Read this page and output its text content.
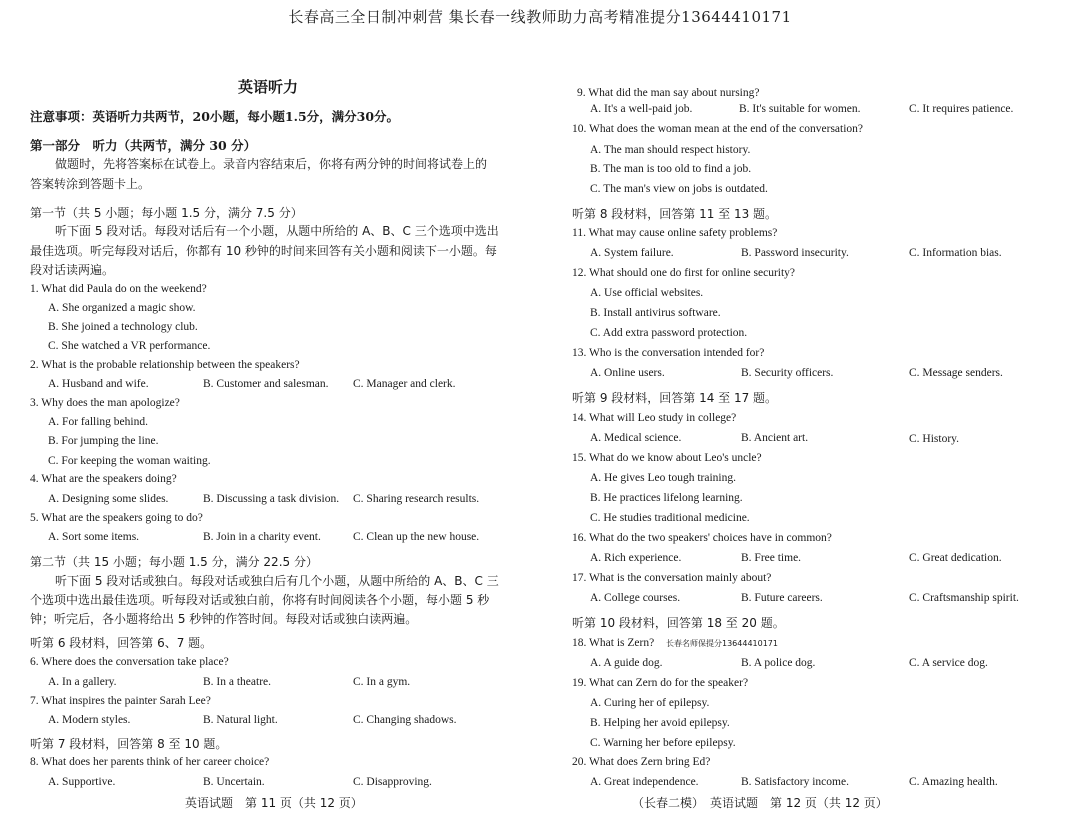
长春高三全日制冲刺营 集长春一线教师助力高考精准提分13644410171
英语听力
注意事项：英语听力共两节，20小题，每小题1.5分，满分30分。
第一部分　听力（共两节，满分 30 分）
做题时，先将答案标在试卷上。录音内容结束后，你将有两分钟的时间将试卷上的
答案转涂到答题卡上。
第一节（共 5 小题；每小题 1.5 分，满分 7.5 分）
听下面 5 段对话。每段对话后有一个小题，从题中所给的 A、B、C 三个选项中选出
最佳选项。听完每段对话后，你都有 10 秒钟的时间来回答有关小题和阅读下一小题。每
段对话读两遍。
1. What did Paula do on the weekend?
A. She organized a magic show.
B. She joined a technology club.
C. She watched a VR performance.
2. What is the probable relationship between the speakers?
A. Husband and wife.	B. Customer and salesman. C. Manager and clerk.
3. Why does the man apologize?
A. For falling behind.
B. For jumping the line.
C. For keeping the woman waiting.
4. What are the speakers doing?
A. Designing some slides.	B. Discussing a task division. C. Sharing research results.
5. What are the speakers going to do?
A. Sort some items.	B. Join in a charity event.	C. Clean up the new house.
第二节（共 15 小题；每小题 1.5 分，满分 22.5 分）
听下面 5 段对话或独白。每段对话或独白后有几个小题，从题中所给的 A、B、C 三
个选项中选出最佳选项。听每段对话或独白前，你将有时间阅读各个小题，每小题 5 秒
钟；听完后，各小题将给出 5 秒钟的作答时间。每段对话或独白读两遍。
听第 6 段材料，回答第 6、7 题。
6. Where does the conversation take place?
A. In a gallery.	B. In a theatre.	C. In a gym.
7. What inspires the painter Sarah Lee?
A. Modern styles.	B. Natural light.	C. Changing shadows.
听第 7 段材料，回答第 8 至 10 题。
8. What does her parents think of her career choice?
A. Supportive.	B. Uncertain.	C. Disapproving.
英语试题　第 11 页（共 12 页）
9. What did the man say about nursing?
A. It's a well-paid job.	B. It's suitable for women.	C. It requires patience.
10. What does the woman mean at the end of the conversation?
A. The man should respect history.
B. The man is too old to find a job.
C. The man's view on jobs is outdated.
听第 8 段材料，回答第 11 至 13 题。
11. What may cause online safety problems?
A. System failure.	B. Password insecurity.	C. Information bias.
12. What should one do first for online security?
A. Use official websites.
B. Install antivirus software.
C. Add extra password protection.
13. Who is the conversation intended for?
A. Online users.	B. Security officers.	C. Message senders.
听第 9 段材料，回答第 14 至 17 题。
14. What will Leo study in college?
A. Medical science.	B. Ancient art.	C. History.
15. What do we know about Leo's uncle?
A. He gives Leo tough training.
B. He practices lifelong learning.
C. He studies traditional medicine.
16. What do the two speakers' choices have in common?
A. Rich experience.	B. Free time.	C. Great dedication.
17. What is the conversation mainly about?
A. College courses.	B. Future careers.	C. Craftsmanship spirit.
听第 10 段材料，回答第 18 至 20 题。
18. What is Zern? 长春名师保提分13644410171
A. A guide dog.	B. A police dog.	C. A service dog.
19. What can Zern do for the speaker?
A. Curing her of epilepsy.
B. Helping her avoid epilepsy.
C. Warning her before epilepsy.
20. What does Zern bring Ed?
A. Great independence.	B. Satisfactory income.	C. Amazing health.
（长春二模）　英语试题　第 12 页（共 12 页）
